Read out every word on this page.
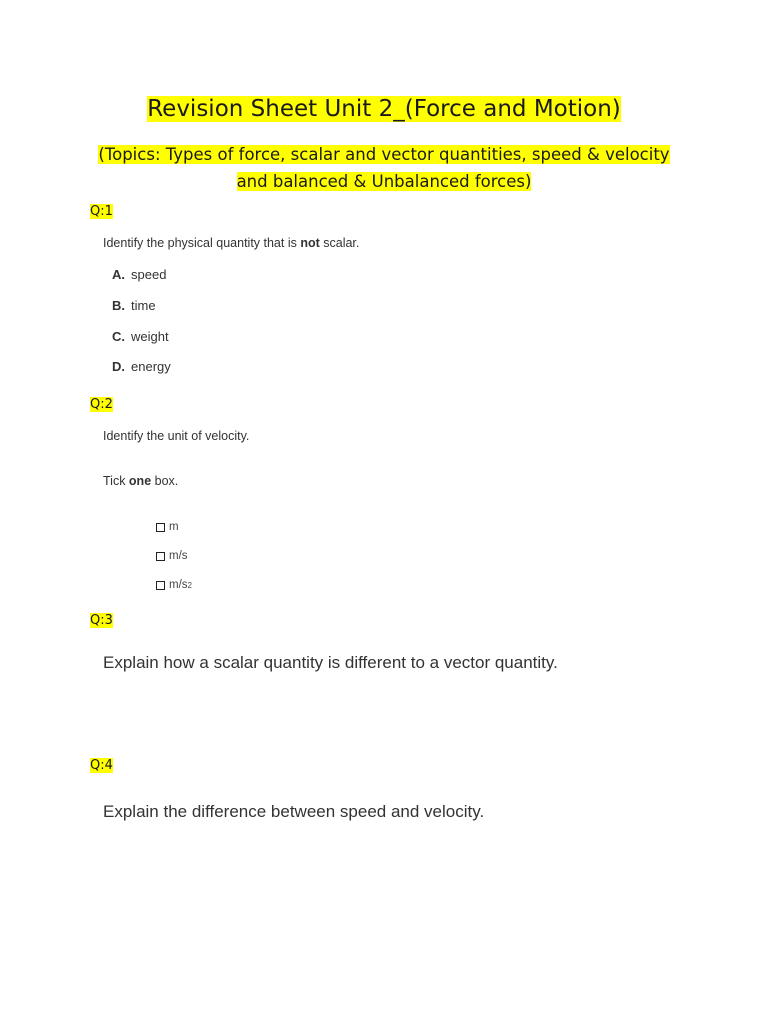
Revision Sheet Unit 2_(Force and Motion)
(Topics: Types of force, scalar and vector quantities, speed & velocity
and balanced & Unbalanced forces)
Q:1
Identify the physical quantity that is not scalar.
A. speed
B. time
C. weight
D. energy
Q:2
Identify the unit of velocity.
Tick one box.
m
m/s
m/s 2
Q:3
Explain how a scalar quantity is different to a vector quantity.
Q:4
Explain the difference between speed and velocity.
